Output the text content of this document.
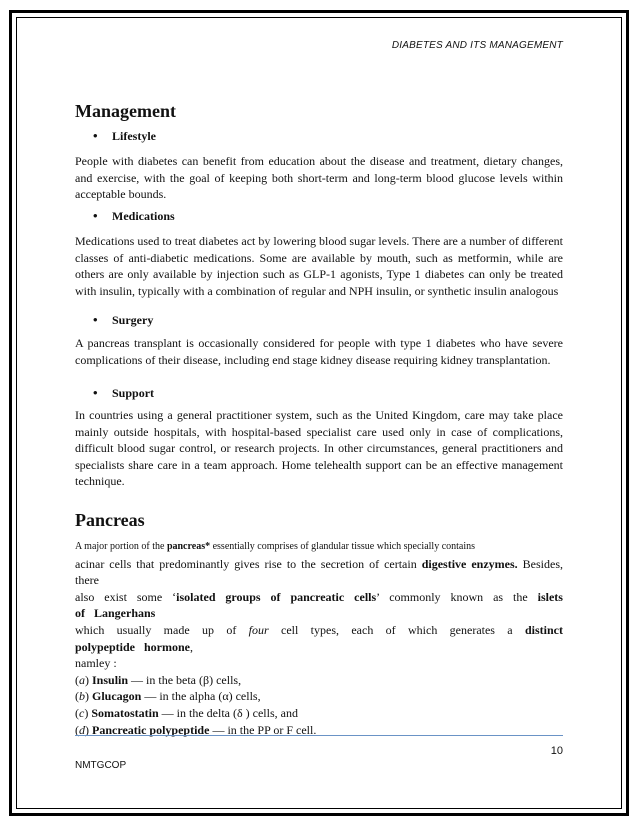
DIABETES AND ITS MANAGEMENT
Management
• Lifestyle

People with diabetes can benefit from education about the disease and treatment, dietary changes, and exercise, with the goal of keeping both short-term and long-term blood glucose levels within acceptable bounds.

• Medications

Medications used to treat diabetes act by lowering blood sugar levels. There are a number of different classes of anti-diabetic medications. Some are available by mouth, such as metformin, while are others are only available by injection such as GLP-1 agonists, Type 1 diabetes can only be treated with insulin, typically with a combination of regular and NPH insulin, or synthetic insulin analogous

• Surgery

A pancreas transplant is occasionally considered for people with type 1 diabetes who have severe complications of their disease, including end stage kidney disease requiring kidney transplantation.

• Support

In countries using a general practitioner system, such as the United Kingdom, care may take place mainly outside hospitals, with hospital-based specialist care used only in case of complications, difficult blood sugar control, or research projects. In other circumstances, general practitioners and specialists share care in a team approach. Home telehealth support can be an effective management technique.

Pancreas

A major portion of the pancreas* essentially comprises of glandular tissue which specially contains

acinar cells that predominantly gives rise to the secretion of certain digestive enzymes. Besides, there

also exist some ‘isolated groups of pancreatic cells’ commonly known as the islets of Langerhans

which usually made up of four cell types, each of which generates a distinct polypeptide hormone,

namley :

(a) Insulin — in the beta (β) cells,

(b) Glucagon — in the alpha (α) cells,

(c) Somatostatin — in the delta (δ ) cells, and

(d) Pancreatic polypeptide — in the PP or F cell.

10
NMTGCOP
